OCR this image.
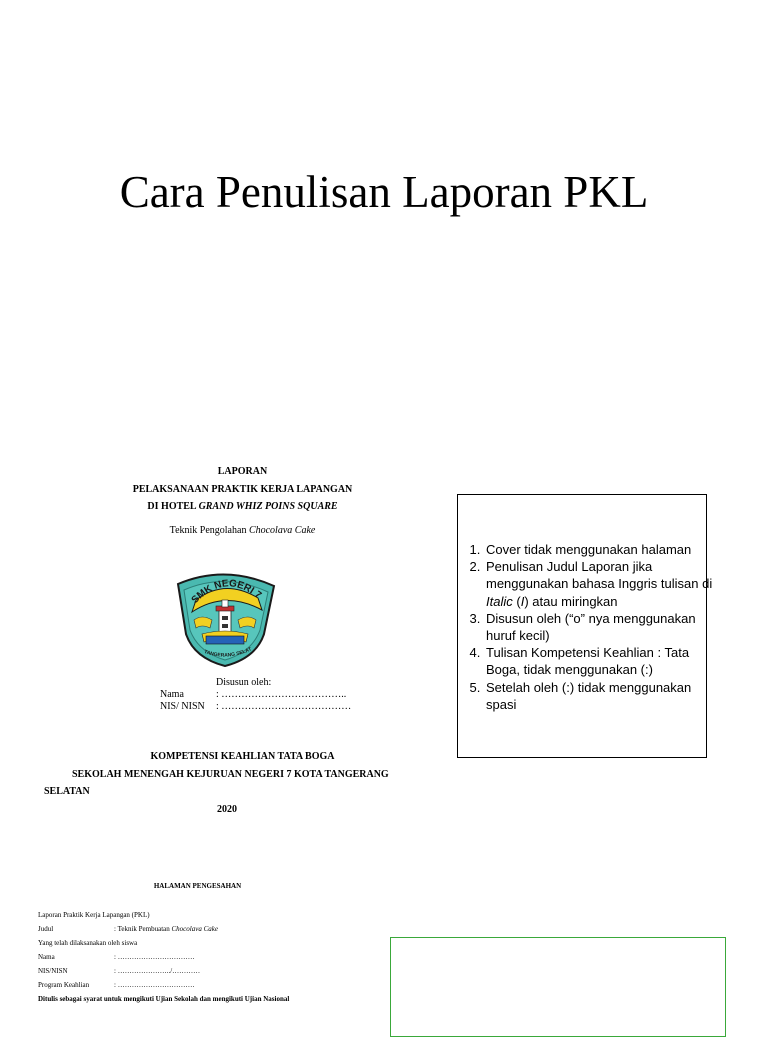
Cara Penulisan Laporan PKL
LAPORAN
PELAKSANAAN PRAKTIK KERJA LAPANGAN
DI HOTEL GRAND WHIZ POINS SQUARE
Teknik Pengolahan Chocolava Cake
SMK NEGERI 7
TANGERANG SELAT
Disusun oleh:
Nama	: ………………………………..
NIS/ NISN : …………………………………
KOMPETENSI KEAHLIAN TATA BOGA
SEKOLAH MENENGAH KEJURUAN NEGERI 7 KOTA TANGERANG
SELATAN
2020
1. Cover tidak menggunakan halaman
2. Penulisan Judul Laporan jika menggunakan bahasa Inggris tulisan di Italic (I) atau miringkan
3. Disusun oleh (“o” nya menggunakan huruf kecil)
4. Tulisan Kompetensi Keahlian : Tata Boga, tidak menggunakan (:)
5. Setelah oleh (:) tidak menggunakan spasi
HALAMAN PENGESAHAN
Laporan Praktik Kerja Lapangan (PKL)
Judul	: Teknik Pembuatan Chocolava Cake
Yang telah dilaksanakan oleh siswa
Nama	: ……………………………
NIS/NISN	: …………………../…………
Program Keahlian	: ……………………………
Ditulis sebagai syarat untuk mengikuti Ujian Sekolah dan mengikuti Ujian Nasional
